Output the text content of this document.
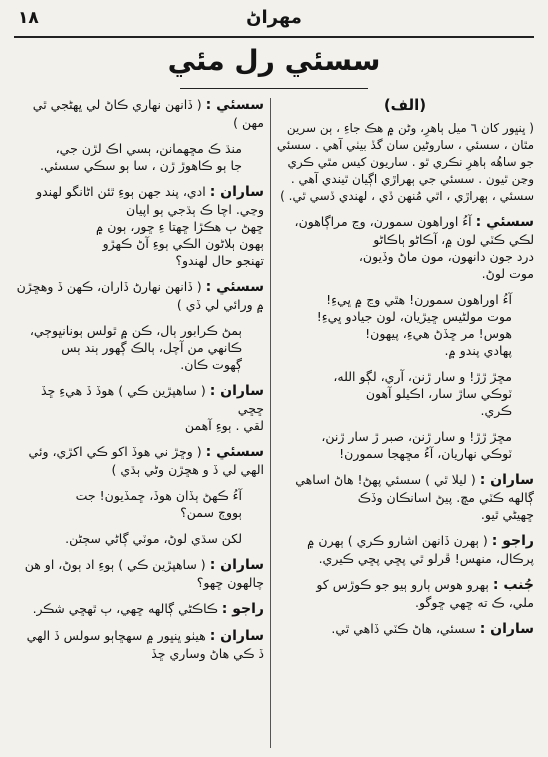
١٨	مهراڻ
سسئي رل مئي
(الف)
( ڀنڀور کان ٦ ميل ٻاهرِ، وڻن ۾ هڪ جاءِ ، ٻن سرين مٿان ، سسئي ، ساروڻين سان گڏ بيٺي آهي . سسئي جو ساهُه ٻاهرِ نڪري ٿو . ساريون کيس مٿي ڪري وڃن ٿيون . سسئي جي ٻهراڙي اڳيان ٿيندي آهي . سسئي ، ٻهراڙي ، اٿي مُنهن ڏي ، لهندي ڏسي ٿي. )
سسئي : آءُ اوراهون سمورن، وڃ مراڳاهون،
لڪي ڪٽي لون ۾، آڪاڻو ٻاڪاڻو
درد جون دانهون، مون ماڻ وڏيون،
موت لوڻ.
آءُ اوراهون سمورن! هٿي وڃ ۾ ڀيءِ!
موت مولڻيس ڇيڙيان، لون جيادو ڀيءِ!
هوس! مر ڇڏڻ هيءِ، پيهون!
پهادي پندو ۾.
مڇڙ ڙڙ! و سار ڙنن، آري، لڳو الله،
ٽوڪي ساڙ سار، اڪيلو آهون
ڪري.
مڇڙ ڙڙ! و سار ڙنن، صبر ڙ سار ڙنن،
ٽوڪي نهاريان، آءُ مڇهجا سمورن!
ساران : ( ليلا ٿي ) سسئي پهڻ! هاڻ اساهي
ڳالهه ڪٽي مڇ. پيڻ اسانڪان وڏڪ
ڇهيڻي ٿيو.
راجو : ( ٻهرن ڏانهن اشارو ڪري ) ٻهرن ۾
پرڪال، منهس! ڦرلو ٿي پڇي پڇي ڪيري.
جُنب : ٻهرو هوس ٻارو ٻيو جو ڪوڙس کو
ملي، ڪ ته ڇهي ڇوگو.
ساران : سسئي، هاڻ ڪٽي ڏاهي ٿي.
سسئي : ( ڏانهن نهاري ڪاڻ لي ڀهڻجي ٿي
مهن )
منڌ ڪ مڇهمانن، ٻسي اڪ لڙن جي،
جا ٻو ڪاهوڙ ڙن ، سا ٻو سڪي سسئي.
ساران : ادي، پند جهن ٻوءِ ٿئن اڻانگو لهندو
وڃي. اچا ڪ ٻڌجي ٻو اپيان
ڇهڻ ٻ هڪڙا ڇهتا ءِ ڇور، ٻون ۾
ٻهون ٻلاڻون الڪي ٻوءِ آڻ ڪهڙو
تهنجو حال لهندو؟
سسئي : ( ڏانهن نهارڻ ڏاران، ڪهن ڏ وهڇڙن
۾ ورائي لي ڏي )
ٻمڻ ڪرابور ٻال، ڪن ۾ ٿولس ٻونانڀوڄي،
ڪانهي من آچل، ٻالڪ ڳهور ٻند ٻس
ڳهوت ڪان.
ساران : ( ساهپڙين ڪي ) هوڏ ڏ هيءِ ڇڏ ڇڇي
لقي . ٻوءِ آهمن
سسئي : ( وڇڙ ني هوڏ اکو ڪي اکڙي، وئي
الهي لي ڏ و هڇڙن وڻي ٻڌي )
آءُ ڪهڻ ٻڏان هوڏ، ڇمڏيون! جت
ٻووڄ سمن؟
لکن سڌي لوڻ، موٽي ڳاڻي سڄڻن.
ساران : ( ساهپڙين ڪي ) ٻوءِ اد ٻوڻ، او هن
چالهون ڇهو؟
راجو : ڪاڪڻي ڳالهه ڇهي، ٻ ٿهڇي شڪر.
ساران : هيٺو ڀنڀور ۾ سهڇاٻو سولس ڏ الهي
ڏ ڪي هاڻ وساري ڇڏ
